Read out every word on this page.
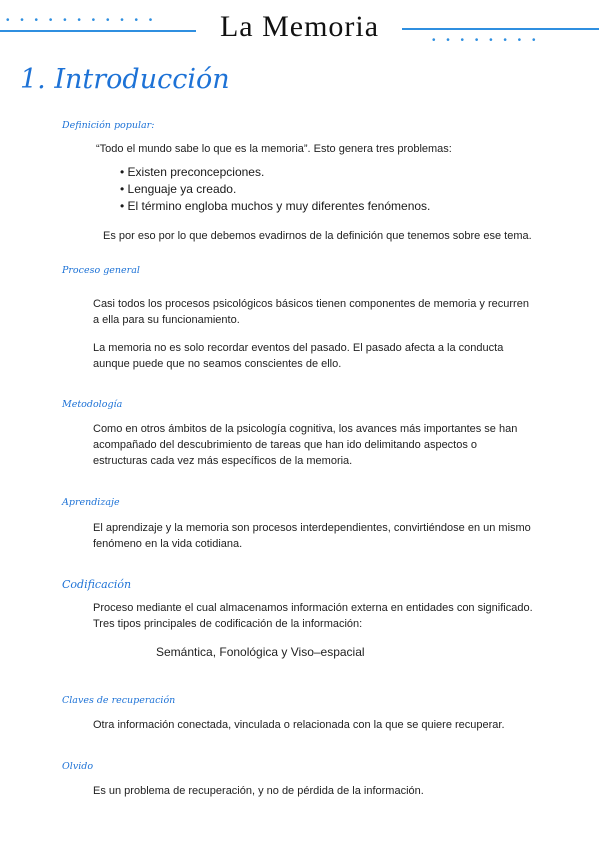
• • • • • • • • • • •	La Memoria	• • • • • • • •
1. Introducción
Definición popular:
“Todo el mundo sabe lo que es la memoria”. Esto genera tres problemas:
• Existen preconcepciones.
• Lenguaje ya creado.
• El término engloba muchos y muy diferentes fenómenos.
Es por eso por lo que debemos evadirnos de la definición que tenemos sobre ese tema.
Proceso general
Casi todos los procesos psicológicos básicos tienen componentes de memoria y recurren
a ella para su funcionamiento.
La memoria no es solo recordar eventos del pasado. El pasado afecta a la conducta
aunque puede que no seamos conscientes de ello.
Metodología
Como en otros ámbitos de la psicología cognitiva, los avances más importantes se han
acompañado del descubrimiento de tareas que han ido delimitando aspectos o
estructuras cada vez más específicos de la memoria.
Aprendizaje
El aprendizaje y la memoria son procesos interdependientes, convirtiéndose en un mismo
fenómeno en la vida cotidiana.
Codificación
Proceso mediante el cual almacenamos información externa en entidades con significado.
Tres tipos principales de codificación de la información:
Semántica, Fonológica y Viso–espacial
Claves de recuperación
Otra información conectada, vinculada o relacionada con la que se quiere recuperar.
Olvido
Es un problema de recuperación, y no de pérdida de la información.
